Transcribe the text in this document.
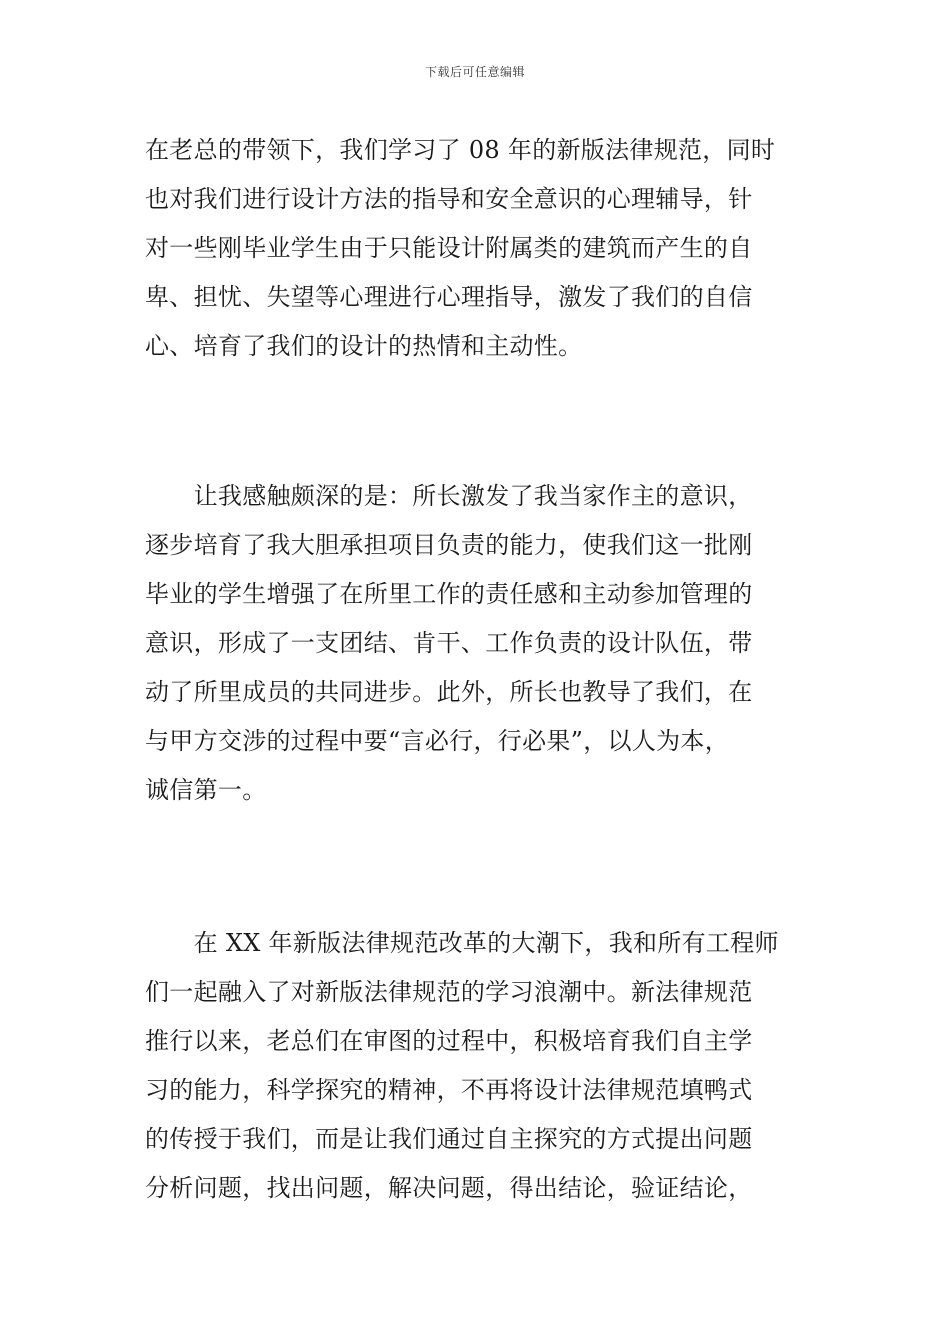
下载后可任意编辑
在老总的带领下，我们学习了 08 年的新版法律规范，同时
也对我们进行设计方法的指导和安全意识的心理辅导，针
对一些刚毕业学生由于只能设计附属类的建筑而产生的自
卑、担忧、失望等心理进行心理指导，激发了我们的自信
心、培育了我们的设计的热情和主动性。
　　让我感触颇深的是：所长激发了我当家作主的意识，
逐步培育了我大胆承担项目负责的能力，使我们这一批刚
毕业的学生增强了在所里工作的责任感和主动参加管理的
意识，形成了一支团结、肯干、工作负责的设计队伍，带
动了所里成员的共同进步。此外，所长也教导了我们，在
与甲方交涉的过程中要“言必行，行必果”，以人为本，
诚信第一。
　　在 XX 年新版法律规范改革的大潮下，我和所有工程师
们一起融入了对新版法律规范的学习浪潮中。新法律规范
推行以来，老总们在审图的过程中，积极培育我们自主学
习的能力，科学探究的精神，不再将设计法律规范填鸭式
的传授于我们，而是让我们通过自主探究的方式提出问题
分析问题，找出问题，解决问题，得出结论，验证结论，
